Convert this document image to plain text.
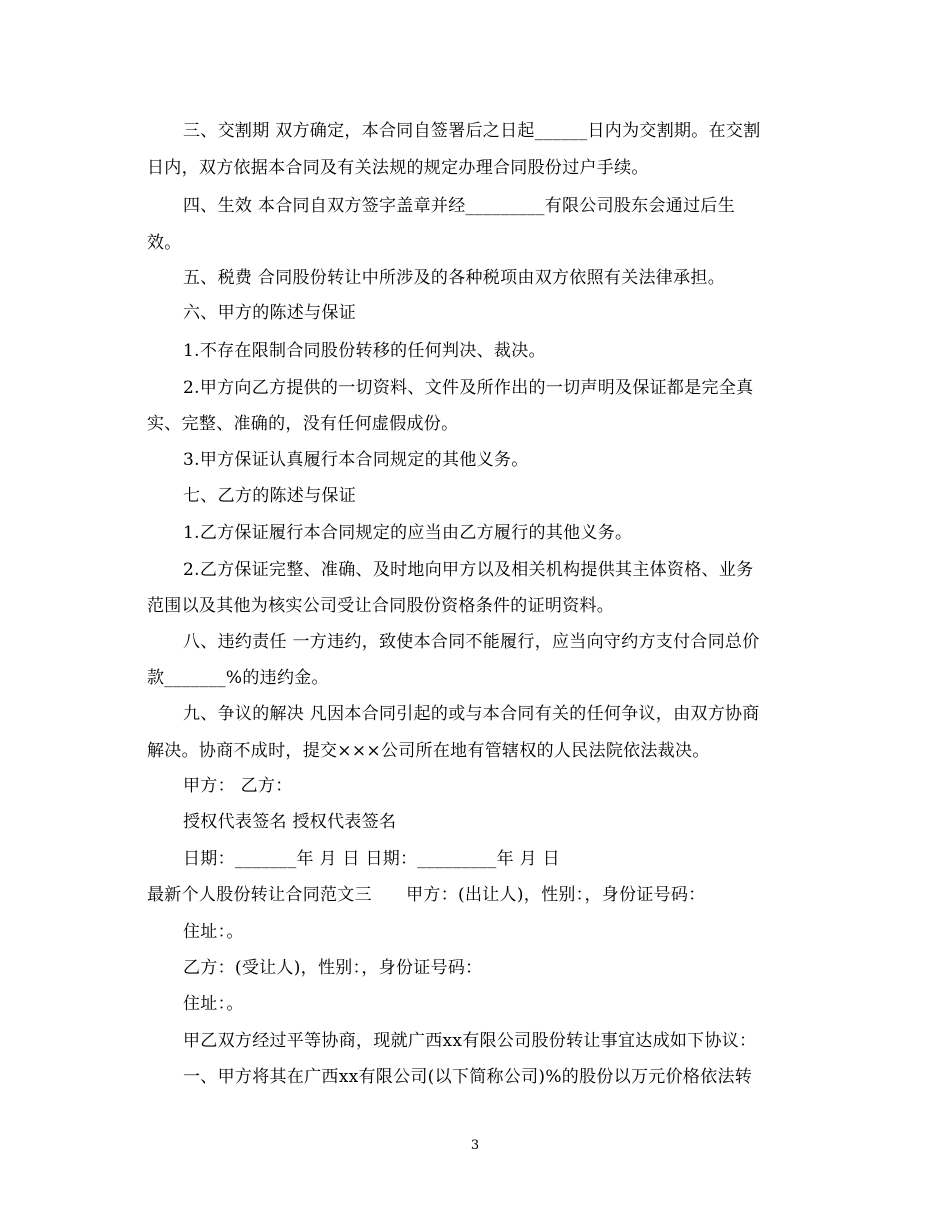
三、交割期 双方确定，本合同自签署后之日起______日内为交割期。在交割
日内，双方依据本合同及有关法规的规定办理合同股份过户手续。
四、生效 本合同自双方签字盖章并经_________有限公司股东会通过后生
效。
五、税费 合同股份转让中所涉及的各种税项由双方依照有关法律承担。
六、甲方的陈述与保证
1.不存在限制合同股份转移的任何判决、裁决。
2.甲方向乙方提供的一切资料、文件及所作出的一切声明及保证都是完全真
实、完整、准确的，没有任何虚假成份。
3.甲方保证认真履行本合同规定的其他义务。
七、乙方的陈述与保证
1.乙方保证履行本合同规定的应当由乙方履行的其他义务。
2.乙方保证完整、准确、及时地向甲方以及相关机构提供其主体资格、业务
范围以及其他为核实公司受让合同股份资格条件的证明资料。
八、违约责任 一方违约，致使本合同不能履行，应当向守约方支付合同总价
款_______%的违约金。
九、争议的解决 凡因本合同引起的或与本合同有关的任何争议，由双方协商
解决。协商不成时，提交×××公司所在地有管辖权的人民法院依法裁决。
甲方： 乙方：
授权代表签名 授权代表签名
日期：_______年 月 日 日期：_________年 月 日
最新个人股份转让合同范文三      甲方：(出让人)，性别：，身份证号码：
住址：。
乙方：(受让人)，性别：，身份证号码：
住址：。
甲乙双方经过平等协商，现就广西xx有限公司股份转让事宜达成如下协议：
一、甲方将其在广西xx有限公司(以下简称公司)%的股份以万元价格依法转
3
